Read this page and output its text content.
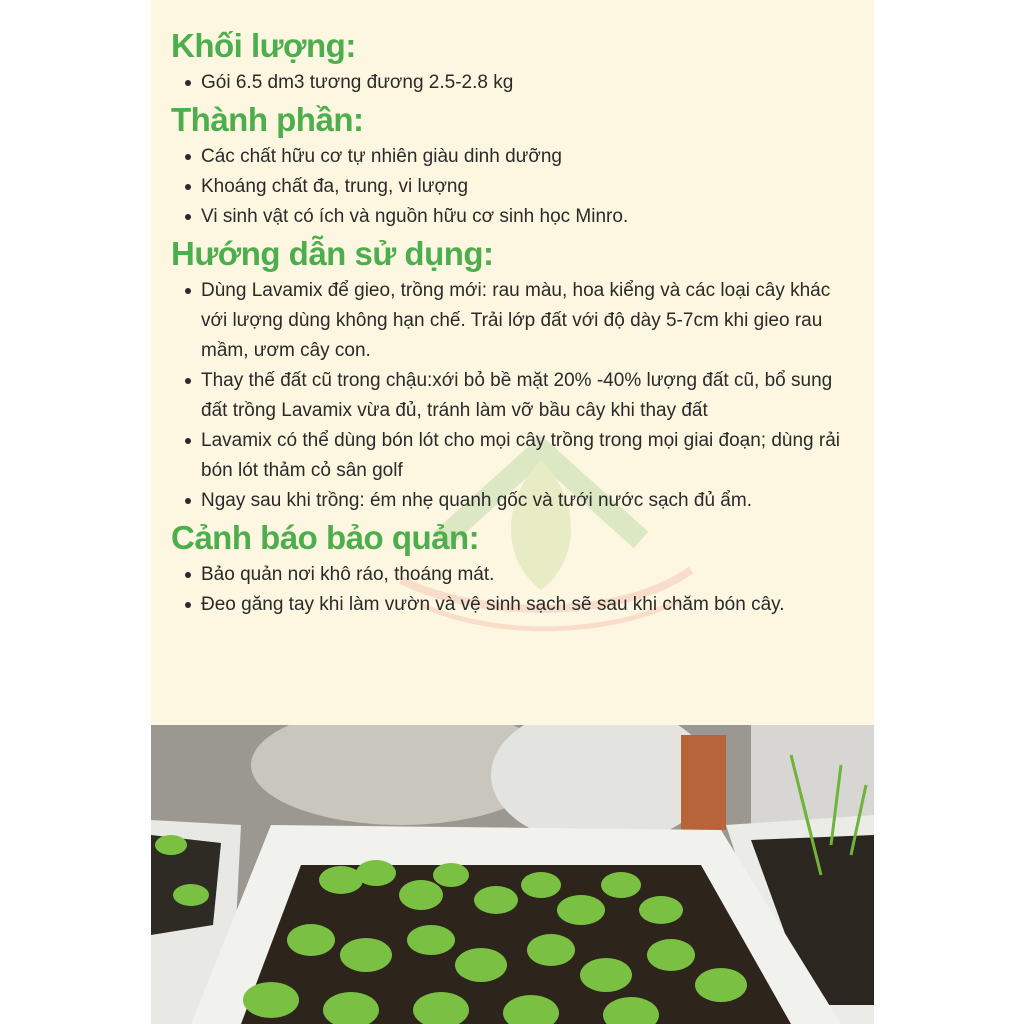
Khối lượng:
Gói 6.5 dm3 tương đương 2.5-2.8 kg
Thành phần:
Các chất hữu cơ tự nhiên giàu dinh dưỡng
Khoáng chất đa, trung, vi lượng
Vi sinh vật có ích và nguồn hữu cơ sinh học Minro.
Hướng dẫn sử dụng:
Dùng Lavamix để gieo, trồng mới: rau màu, hoa kiểng và các loại cây khác với lượng dùng không hạn chế. Trải lớp đất với độ dày 5-7cm khi gieo rau mầm, ươm cây con.
Thay thế đất cũ trong chậu:xới bỏ bề mặt 20% -40% lượng đất cũ, bổ sung đất trồng Lavamix vừa đủ, tránh làm vỡ bầu cây khi thay đất
Lavamix có thể dùng bón lót cho mọi cây trồng trong mọi giai đoạn; dùng rải bón lót thảm cỏ sân golf
Ngay sau khi trồng: ém nhẹ quanh gốc và tưới nước sạch đủ ẩm.
Cảnh báo bảo quản:
Bảo quản nơi khô ráo, thoáng mát.
Đeo găng tay khi làm vườn và vệ sinh sạch sẽ sau khi chăm bón cây.
